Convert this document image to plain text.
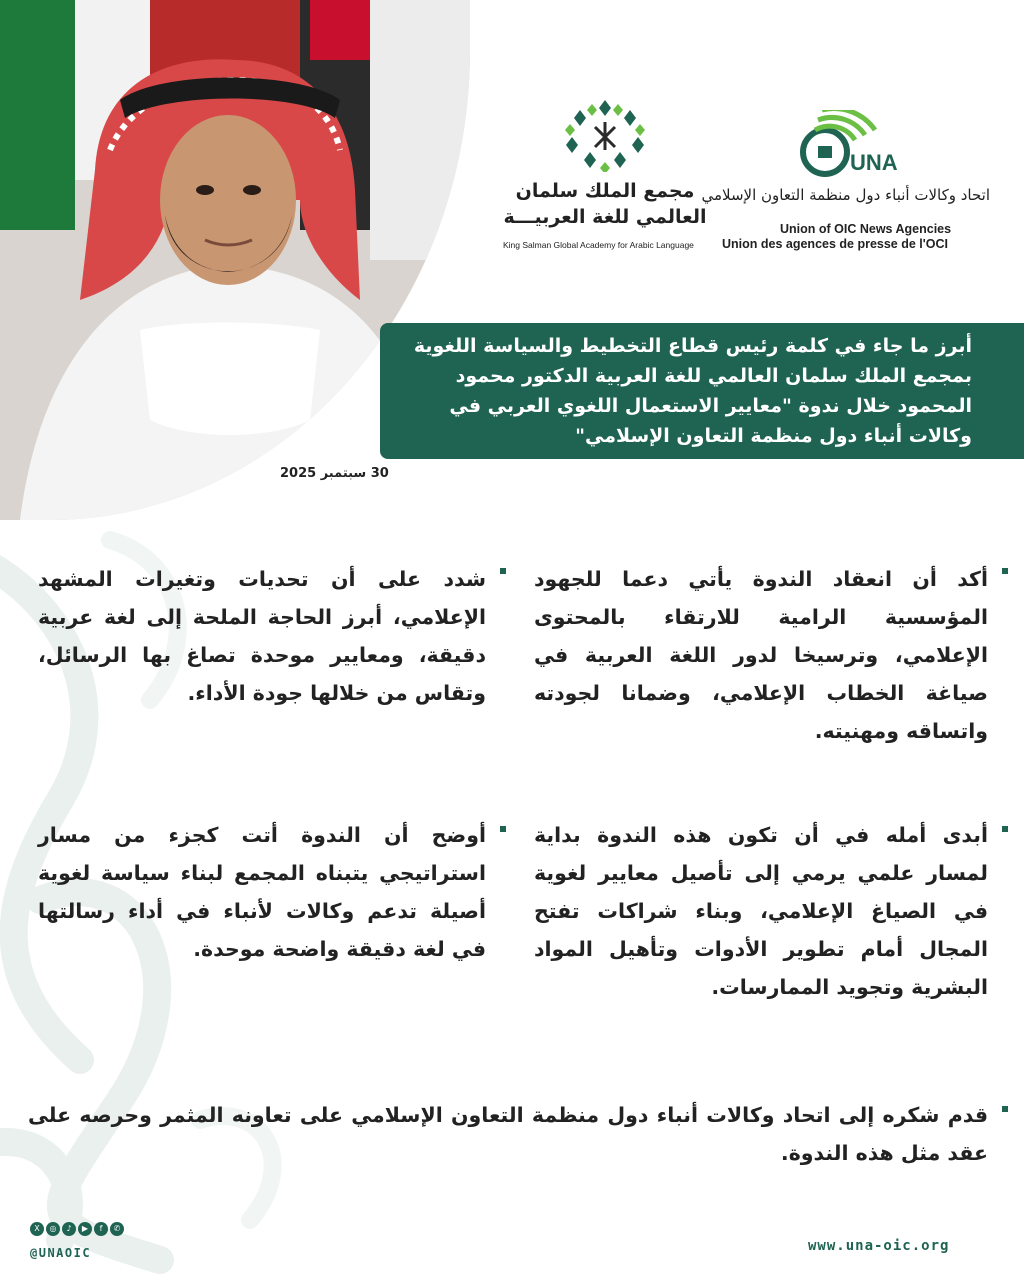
UNA
اتحاد وكالات أنباء دول منظمة التعاون الإسلامي
Union of OIC News Agencies
Union des agences de presse de l'OCI
مجمع الملك سلمان
العالمي للغة العربيـــة
King Salman Global Academy for Arabic Language
أبرز ما جاء في كلمة رئيس قطاع التخطيط والسياسة اللغوية بمجمع الملك سلمان العالمي للغة العربية الدكتور محمود المحمود خلال ندوة "معايير الاستعمال اللغوي العربي في وكالات أنباء دول منظمة التعاون الإسلامي"
30 سبتمبر 2025
أكد أن انعقاد الندوة يأتي دعما للجهود المؤسسية الرامية للارتقاء بالمحتوى الإعلامي، وترسيخا لدور اللغة العربية في صياغة الخطاب الإعلامي، وضمانا لجودته واتساقه ومهنيته.
شدد على أن تحديات وتغيرات المشهد الإعلامي، أبرز الحاجة الملحة إلى لغة عربية دقيقة، ومعايير موحدة تصاغ بها الرسائل، وتقاس من خلالها جودة الأداء.
أبدى أمله في أن تكون هذه الندوة بداية لمسار علمي يرمي إلى تأصيل معايير لغوية في الصياغ الإعلامي، وبناء شراكات تفتح المجال أمام تطوير الأدوات وتأهيل المواد البشرية وتجويد الممارسات.
أوضح أن الندوة أتت كجزء من مسار استراتيجي يتبناه المجمع لبناء سياسة لغوية أصيلة تدعم وكالات لأنباء في أداء رسالتها في لغة دقيقة واضحة موحدة.
قدم شكره إلى اتحاد وكالات أنباء دول منظمة التعاون الإسلامي على تعاونه المثمر وحرصه على عقد مثل هذه الندوة.
X	◎	♪	▶	f	✆
@UNAOIC	www.una-oic.org
